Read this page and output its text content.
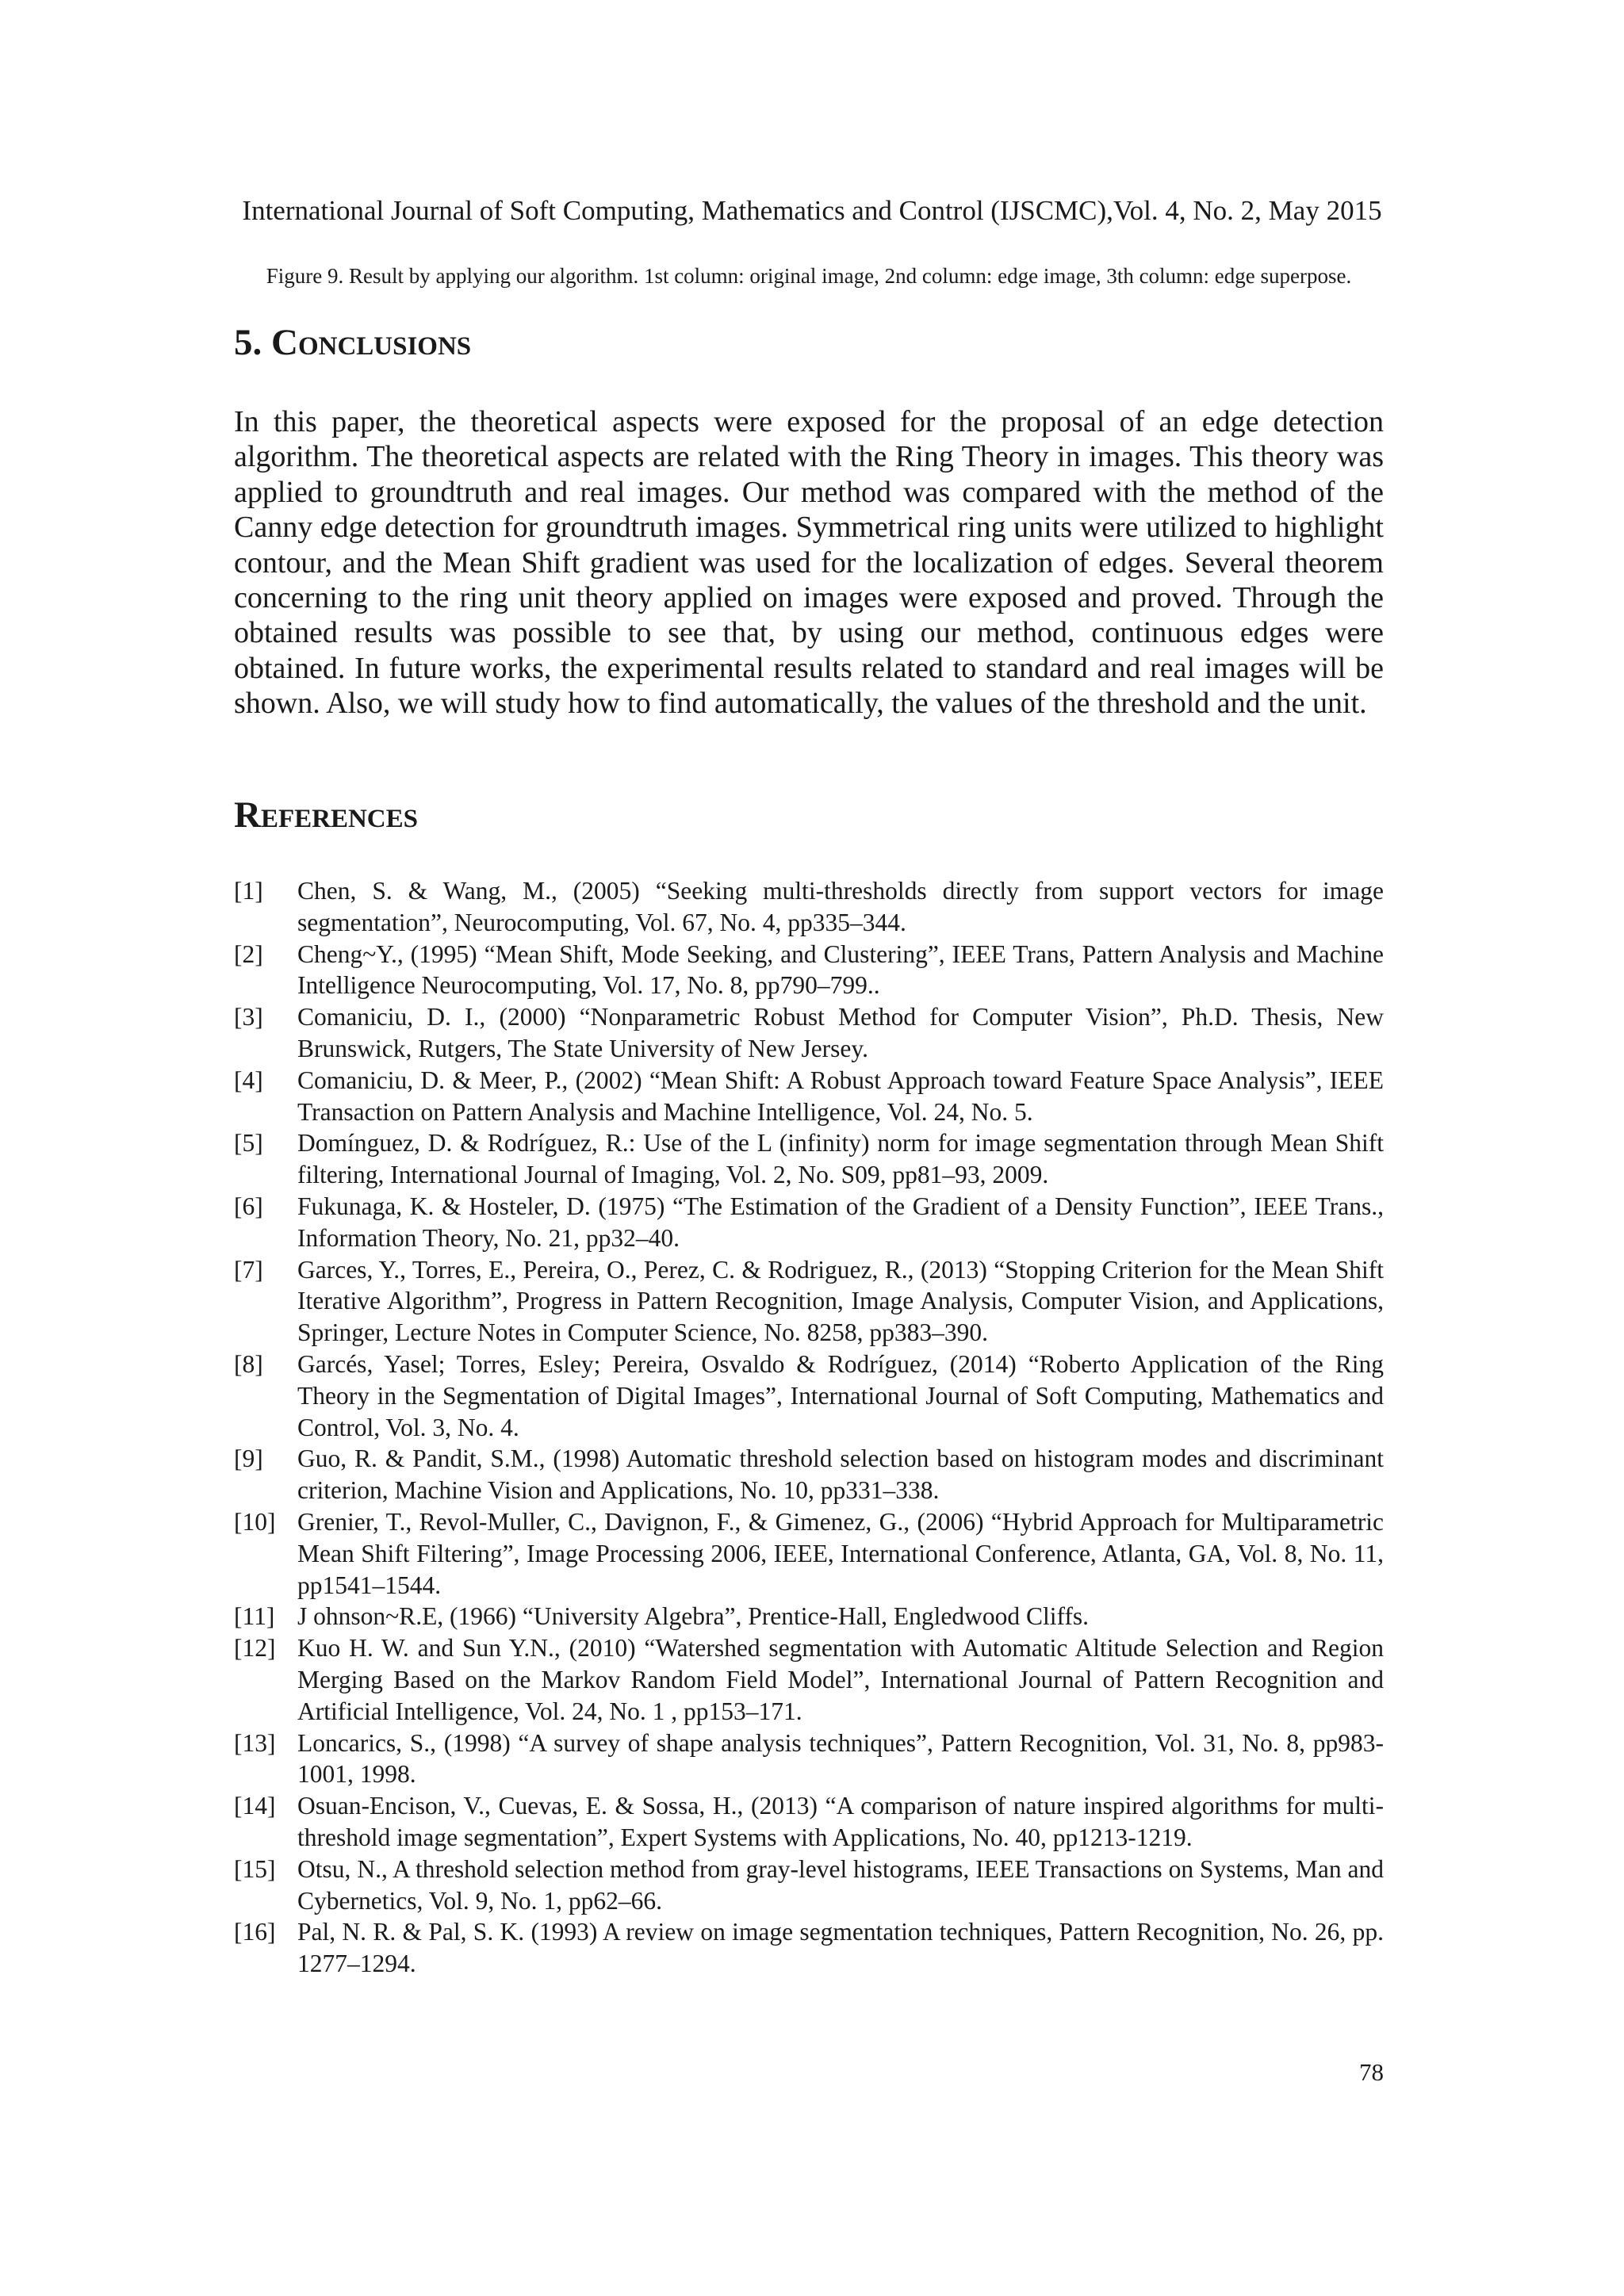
International Journal of Soft Computing, Mathematics and Control (IJSCMC),Vol. 4, No. 2, May 2015
Figure 9. Result by applying our algorithm. 1st column: original image, 2nd column: edge image, 3th column: edge superpose.
5. Conclusions
In this paper, the theoretical aspects were exposed for the proposal of an edge detection algorithm. The theoretical aspects are related with the Ring Theory in images. This theory was applied to groundtruth and real images. Our method was compared with the method of the Canny edge detection for groundtruth images. Symmetrical ring units were utilized to highlight contour, and the Mean Shift gradient was used for the localization of edges. Several theorem concerning to the ring unit theory applied on images were exposed and proved. Through the obtained results was possible to see that, by using our method, continuous edges were obtained. In future works, the experimental results related to standard and real images will be shown. Also, we will study how to find automatically, the values of the threshold and the unit.
References
[1] Chen, S. & Wang, M., (2005) “Seeking multi-thresholds directly from support vectors for image segmentation”, Neurocomputing, Vol. 67, No. 4, pp335–344.
[2] Cheng~Y., (1995) “Mean Shift, Mode Seeking, and Clustering”, IEEE Trans, Pattern Analysis and Machine Intelligence Neurocomputing, Vol. 17, No. 8, pp790–799..
[3] Comaniciu, D. I., (2000) “Nonparametric Robust Method for Computer Vision”, Ph.D. Thesis, New Brunswick, Rutgers, The State University of New Jersey.
[4] Comaniciu, D. & Meer, P., (2002) “Mean Shift: A Robust Approach toward Feature Space Analysis”, IEEE Transaction on Pattern Analysis and Machine Intelligence, Vol. 24, No. 5.
[5] Domínguez, D. & Rodríguez, R.: Use of the L (infinity) norm for image segmentation through Mean Shift filtering, International Journal of Imaging, Vol. 2, No. S09, pp81–93, 2009.
[6] Fukunaga, K. & Hosteler, D. (1975) “The Estimation of the Gradient of a Density Function”, IEEE Trans., Information Theory, No. 21, pp32–40.
[7] Garces, Y., Torres, E., Pereira, O., Perez, C. & Rodriguez, R., (2013) “Stopping Criterion for the Mean Shift Iterative Algorithm”, Progress in Pattern Recognition, Image Analysis, Computer Vision, and Applications, Springer, Lecture Notes in Computer Science, No. 8258, pp383–390.
[8] Garcés, Yasel; Torres, Esley; Pereira, Osvaldo & Rodríguez, (2014) “Roberto Application of the Ring Theory in the Segmentation of Digital Images”, International Journal of Soft Computing, Mathematics and Control, Vol. 3, No. 4.
[9] Guo, R. & Pandit, S.M., (1998) Automatic threshold selection based on histogram modes and discriminant criterion, Machine Vision and Applications, No. 10, pp331–338.
[10] Grenier, T., Revol-Muller, C., Davignon, F., & Gimenez, G., (2006) “Hybrid Approach for Multiparametric Mean Shift Filtering”, Image Processing 2006, IEEE, International Conference, Atlanta, GA, Vol. 8, No. 11, pp1541–1544.
[11] J ohnson~R.E, (1966) “University Algebra”, Prentice-Hall, Engledwood Cliffs.
[12] Kuo H. W. and Sun Y.N., (2010) “Watershed segmentation with Automatic Altitude Selection and Region Merging Based on the Markov Random Field Model”, International Journal of Pattern Recognition and Artificial Intelligence, Vol. 24, No. 1 , pp153–171.
[13] Loncarics, S., (1998) “A survey of shape analysis techniques”, Pattern Recognition, Vol. 31, No. 8, pp983-1001, 1998.
[14] Osuan-Encison, V., Cuevas, E. & Sossa, H., (2013) “A comparison of nature inspired algorithms for multi-threshold image segmentation”, Expert Systems with Applications, No. 40, pp1213-1219.
[15] Otsu, N., A threshold selection method from gray-level histograms, IEEE Transactions on Systems, Man and Cybernetics, Vol. 9, No. 1, pp62–66.
[16] Pal, N. R. & Pal, S. K. (1993) A review on image segmentation techniques, Pattern Recognition, No. 26, pp. 1277–1294.
78
